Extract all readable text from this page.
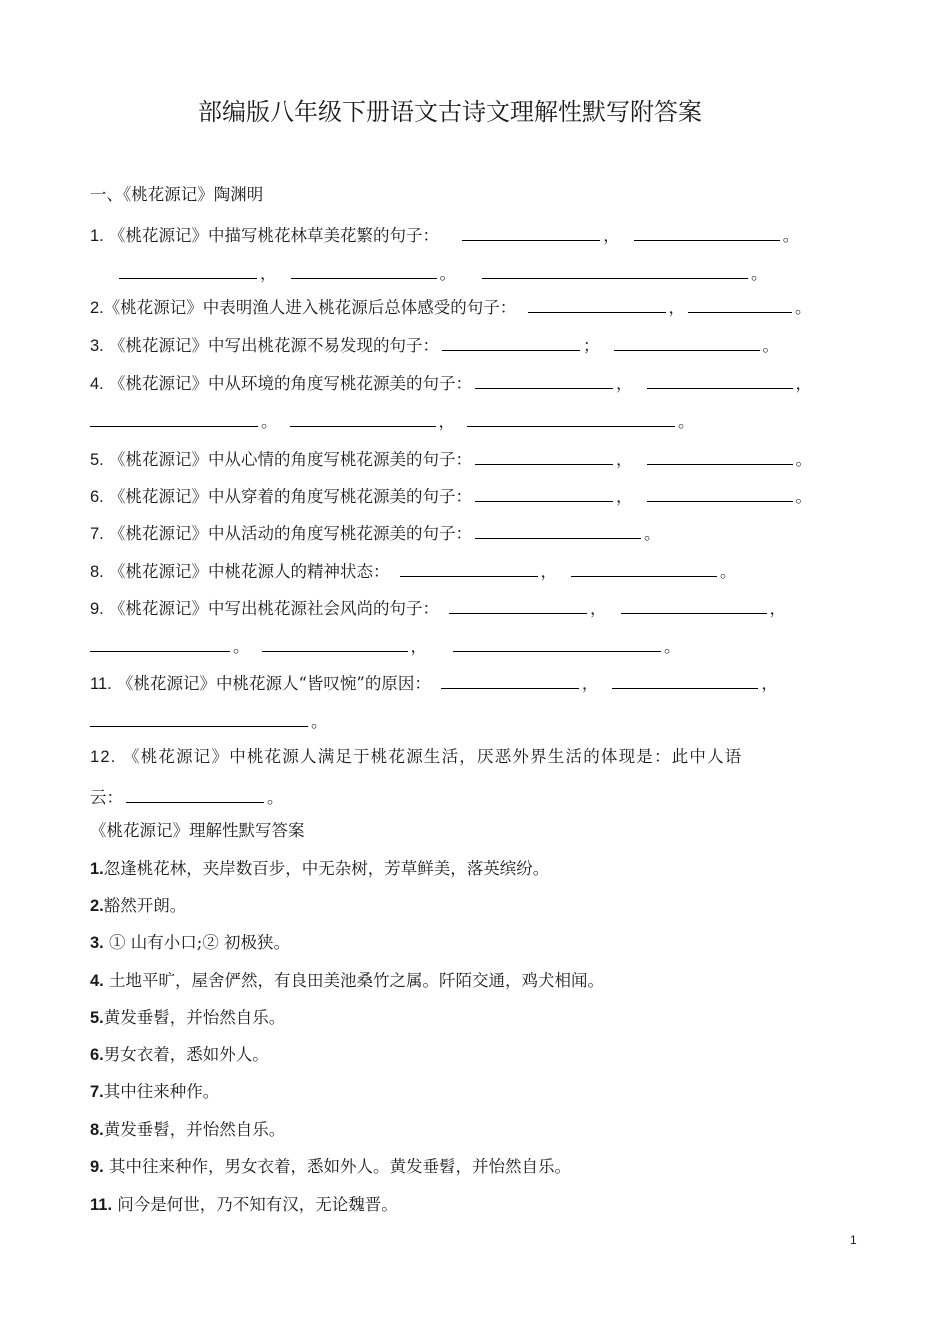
部编版八年级下册语文古诗文理解性默写附答案
一、《桃花源记》陶渊明
1. 《桃花源记》中描写桃花林草美花繁的句子：	，	。
，	。	。
2.《桃花源记》中表明渔人进入桃花源后总体感受的句子：	，	。
3. 《桃花源记》中写出桃花源不易发现的句子：	；	。
4. 《桃花源记》中从环境的角度写桃花源美的句子：	，	，
。	，	。
5. 《桃花源记》中从心情的角度写桃花源美的句子：	，	。
6. 《桃花源记》中从穿着的角度写桃花源美的句子：	，	。
7. 《桃花源记》中从活动的角度写桃花源美的句子：	。
8. 《桃花源记》中桃花源人的精神状态：	，	。
9. 《桃花源记》中写出桃花源社会风尚的句子：	，	，
。	，	。
11. 《桃花源记》中桃花源人“皆叹惋”的原因：	，	，
。
12. 《桃花源记》中桃花源人满足于桃花源生活，厌恶外界生活的体现是：此中人语
云：	。
《桃花源记》理解性默写答案
1.忽逢桃花林，夹岸数百步，中无杂树，芳草鲜美，落英缤纷。
2.豁然开朗。
3. ① 山有小口;② 初极狭。
4. 土地平旷，屋舍俨然，有良田美池桑竹之属。阡陌交通，鸡犬相闻。
5.黄发垂髫，并怡然自乐。
6.男女衣着，悉如外人。
7.其中往来种作。
8.黄发垂髫，并怡然自乐。
9. 其中往来种作，男女衣着，悉如外人。黄发垂髫，并怡然自乐。
11. 问今是何世，乃不知有汉，无论魏晋。
1
